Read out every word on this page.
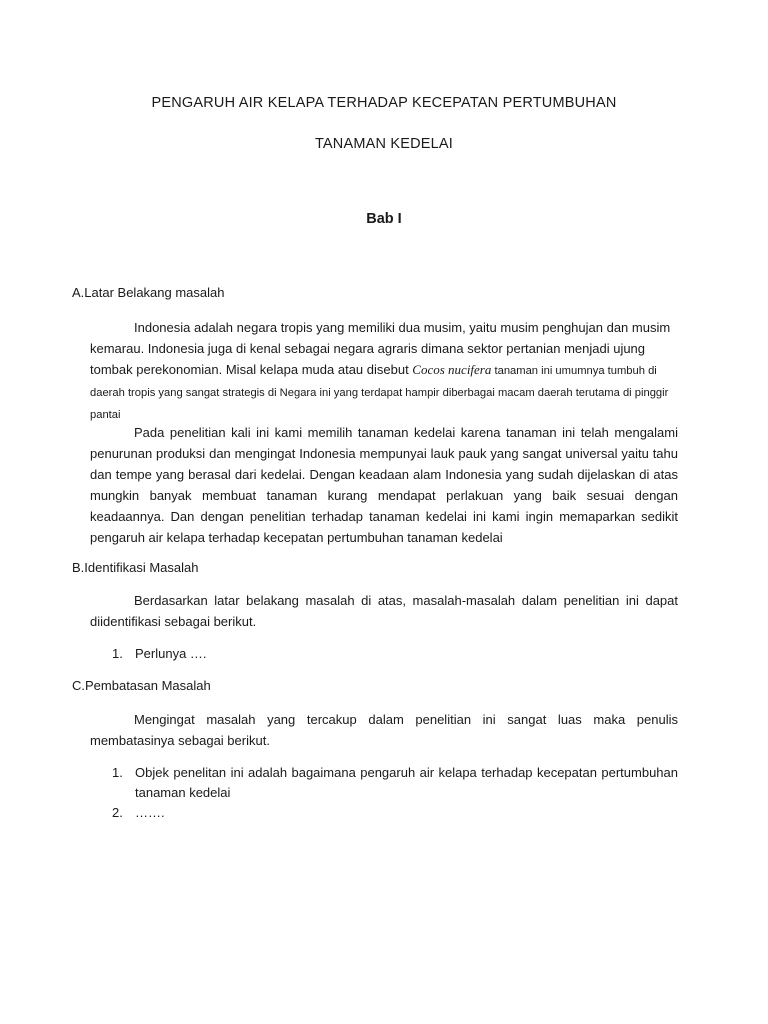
PENGARUH AIR KELAPA TERHADAP KECEPATAN PERTUMBUHAN
TANAMAN KEDELAI
Bab I
A.Latar Belakang masalah

Indonesia adalah negara tropis yang memiliki dua musim, yaitu musim penghujan dan musim kemarau. Indonesia juga di kenal sebagai negara agraris dimana sektor pertanian menjadi ujung tombak perekonomian. Misal kelapa muda atau disebut Cocos nucifera tanaman ini umumnya tumbuh di daerah tropis yang sangat strategis di Negara ini yang terdapat hampir diberbagai macam daerah terutama di pinggir pantai

Pada penelitian kali ini kami memilih tanaman kedelai karena tanaman ini telah mengalami penurunan produksi dan mengingat Indonesia mempunyai lauk pauk yang sangat universal yaitu tahu dan tempe yang berasal dari kedelai. Dengan keadaan alam Indonesia yang sudah dijelaskan di atas mungkin banyak membuat tanaman kurang mendapat perlakuan yang baik sesuai dengan keadaannya. Dan dengan penelitian terhadap tanaman kedelai ini kami ingin memaparkan sedikit pengaruh air kelapa terhadap kecepatan pertumbuhan tanaman kedelai

B.Identifikasi Masalah

Berdasarkan latar belakang masalah di atas, masalah-masalah dalam penelitian ini dapat diidentifikasi sebagai berikut.

1. Perlunya ….
C.Pembatasan Masalah

Mengingat masalah yang tercakup dalam penelitian ini sangat luas maka penulis membatasinya sebagai berikut.

1. Objek penelitan ini adalah bagaimana pengaruh air kelapa terhadap kecepatan pertumbuhan tanaman kedelai
2. …….
